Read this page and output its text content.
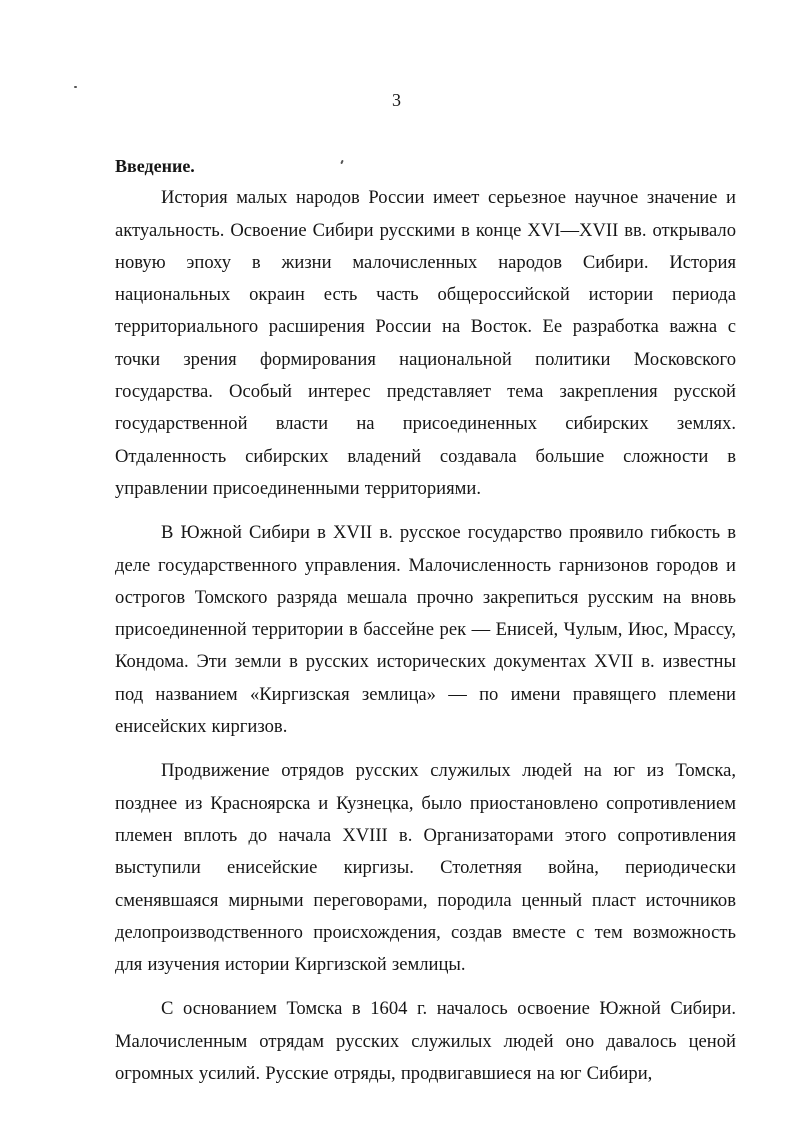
3

Введение.

История малых народов России имеет серьезное научное значение и актуальность. Освоение Сибири русскими в конце XVI—XVII вв. открывало новую эпоху в жизни малочисленных народов Сибири. История национальных окраин есть часть общероссийской истории периода территориального расширения России на Восток. Ее разработка важна с точки зрения формирования национальной политики Московского государства. Особый интерес представляет тема закрепления русской государственной власти на присоединенных сибирских землях. Отдаленность сибирских владений создавала большие сложности в управлении присоединенными территориями.

В Южной Сибири в XVII в. русское государство проявило гибкость в деле государственного управления. Малочисленность гарнизонов городов и острогов Томского разряда мешала прочно закрепиться русским на вновь присоединенной территории в бассейне рек — Енисей, Чулым, Июс, Мрассу, Кондома. Эти земли в русских исторических документах XVII в. известны под названием «Киргизская землица» — по имени правящего племени енисейских киргизов.

Продвижение отрядов русских служилых людей на юг из Томска, позднее из Красноярска и Кузнецка, было приостановлено сопротивлением племен вплоть до начала XVIII в. Организаторами этого сопротивления выступили енисейские киргизы. Столетняя война, периодически сменявшаяся мирными переговорами, породила ценный пласт источников делопроизводственного происхождения, создав вместе с тем возможность для изучения истории Киргизской землицы.

С основанием Томска в 1604 г. началось освоение Южной Сибири. Малочисленным отрядам русских служилых людей оно давалось ценой огромных усилий. Русские отряды, продвигавшиеся на юг Сибири,
